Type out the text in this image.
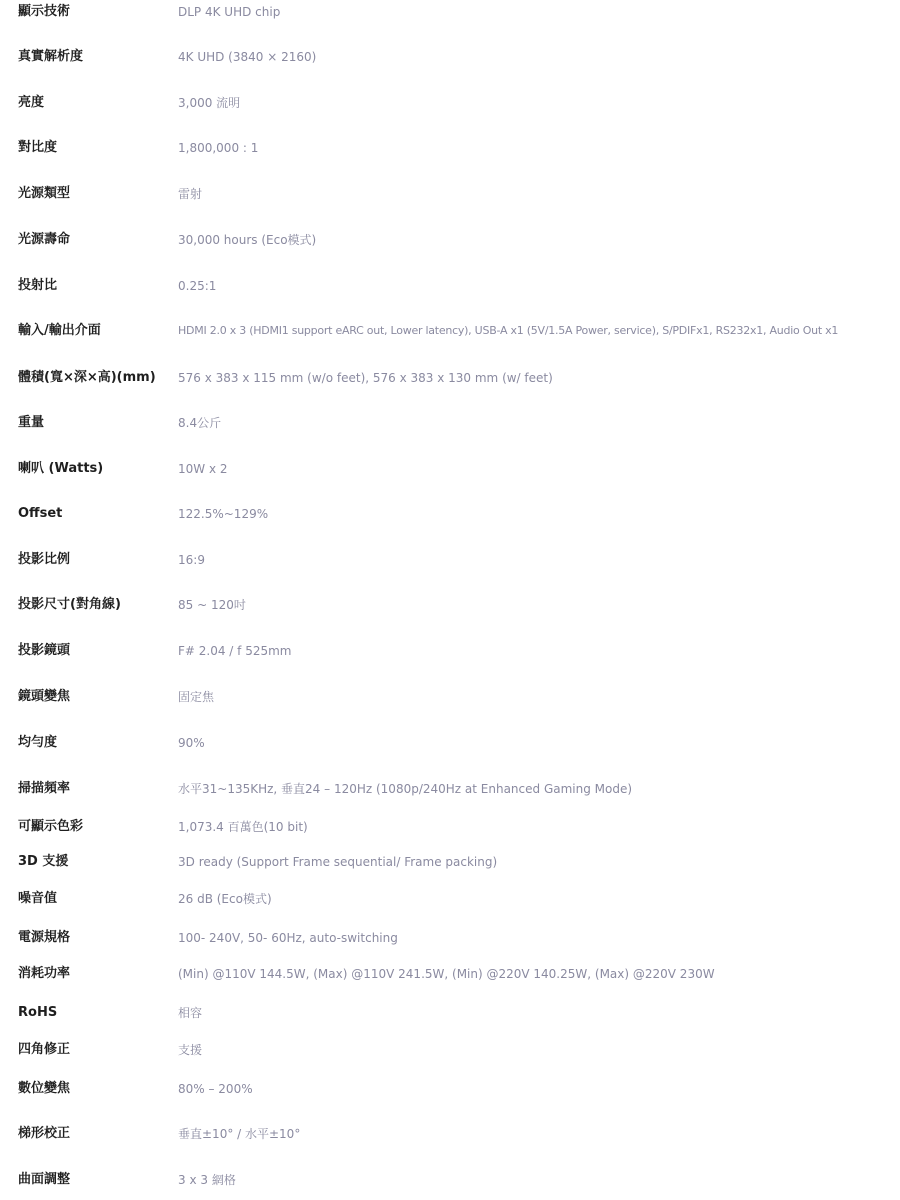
顯示技術	DLP 4K UHD chip
真實解析度	4K UHD (3840 × 2160)
亮度	3,000 流明
對比度	1,800,000 : 1
光源類型	雷射
光源壽命	30,000 hours (Eco模式)
投射比	0.25:1
輸入/輸出介面	HDMI 2.0 x 3 (HDMI1 support eARC out, Lower latency), USB-A x1 (5V/1.5A Power, service), S/PDIFx1, RS232x1, Audio Out x1
體積(寬×深×高)(mm) 576 x 383 x 115 mm (w/o feet), 576 x 383 x 130 mm (w/ feet)
重量	8.4公斤
喇叭 (Watts)	10W x 2
Offset	122.5%~129%
投影比例	16:9
投影尺寸(對角線)	85 ~ 120吋
投影鏡頭	F# 2.04 / f 525mm
鏡頭變焦	固定焦
均勻度	90%
掃描頻率	水平31~135KHz, 垂直24 – 120Hz (1080p/240Hz at Enhanced Gaming Mode)
可顯示色彩	1,073.4 百萬色(10 bit)
3D 支援	3D ready (Support Frame sequential/ Frame packing)
噪音值	26 dB (Eco模式)
電源規格	100- 240V, 50- 60Hz, auto-switching
消耗功率	(Min) @110V 144.5W, (Max) @110V 241.5W, (Min) @220V 140.25W, (Max) @220V 230W
RoHS	相容
四角修正	支援
數位變焦	80% – 200%
梯形校正	垂直±10° / 水平±10°
曲面調整	3 x 3 網格
